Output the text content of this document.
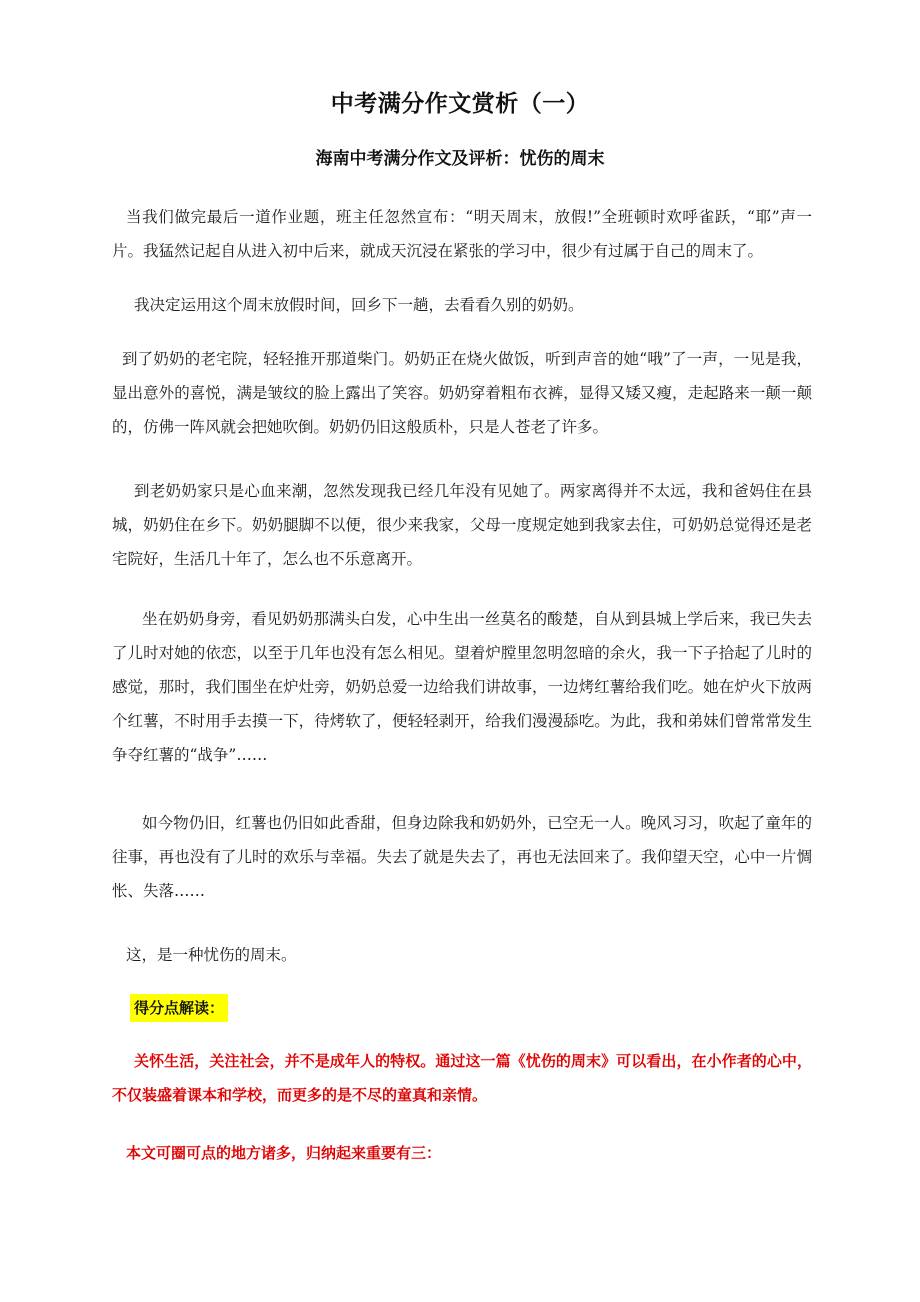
中考满分作文赏析（一）
海南中考满分作文及评析：忧伤的周末

当我们做完最后一道作业题，班主任忽然宣布：“明天周末，放假!”全班顿时欢呼雀跃，“耶”声一片。我猛然记起自从进入初中后来，就成天沉浸在紧张的学习中，很少有过属于自己的周末了。

我决定运用这个周末放假时间，回乡下一趟，去看看久别的奶奶。

到了奶奶的老宅院，轻轻推开那道柴门。奶奶正在烧火做饭，听到声音的她“哦”了一声，一见是我，显出意外的喜悦，满是皱纹的脸上露出了笑容。奶奶穿着粗布衣裤，显得又矮又瘦，走起路来一颠一颠的，仿佛一阵风就会把她吹倒。奶奶仍旧这般质朴，只是人苍老了许多。

到老奶奶家只是心血来潮，忽然发现我已经几年没有见她了。两家离得并不太远，我和爸妈住在县城，奶奶住在乡下。奶奶腿脚不以便，很少来我家，父母一度规定她到我家去住，可奶奶总觉得还是老宅院好，生活几十年了，怎么也不乐意离开。

坐在奶奶身旁，看见奶奶那满头白发，心中生出一丝莫名的酸楚，自从到县城上学后来，我已失去了儿时对她的依恋，以至于几年也没有怎么相见。望着炉膛里忽明忽暗的余火，我一下子拾起了儿时的感觉，那时，我们围坐在炉灶旁，奶奶总爱一边给我们讲故事，一边烤红薯给我们吃。她在炉火下放两个红薯，不时用手去摸一下，待烤软了，便轻轻剥开，给我们漫漫舔吃。为此，我和弟妹们曾常常发生争夺红薯的“战争”……

如今物仍旧，红薯也仍旧如此香甜，但身边除我和奶奶外，已空无一人。晚风习习，吹起了童年的往事，再也没有了儿时的欢乐与幸福。失去了就是失去了，再也无法回来了。我仰望天空，心中一片惆怅、失落……

这，是一种忧伤的周末。

得分点解读：

关怀生活，关注社会，并不是成年人的特权。通过这一篇《忧伤的周末》可以看出，在小作者的心中，不仅装盛着课本和学校，而更多的是不尽的童真和亲情。

本文可圈可点的地方诸多，归纳起来重要有三：
